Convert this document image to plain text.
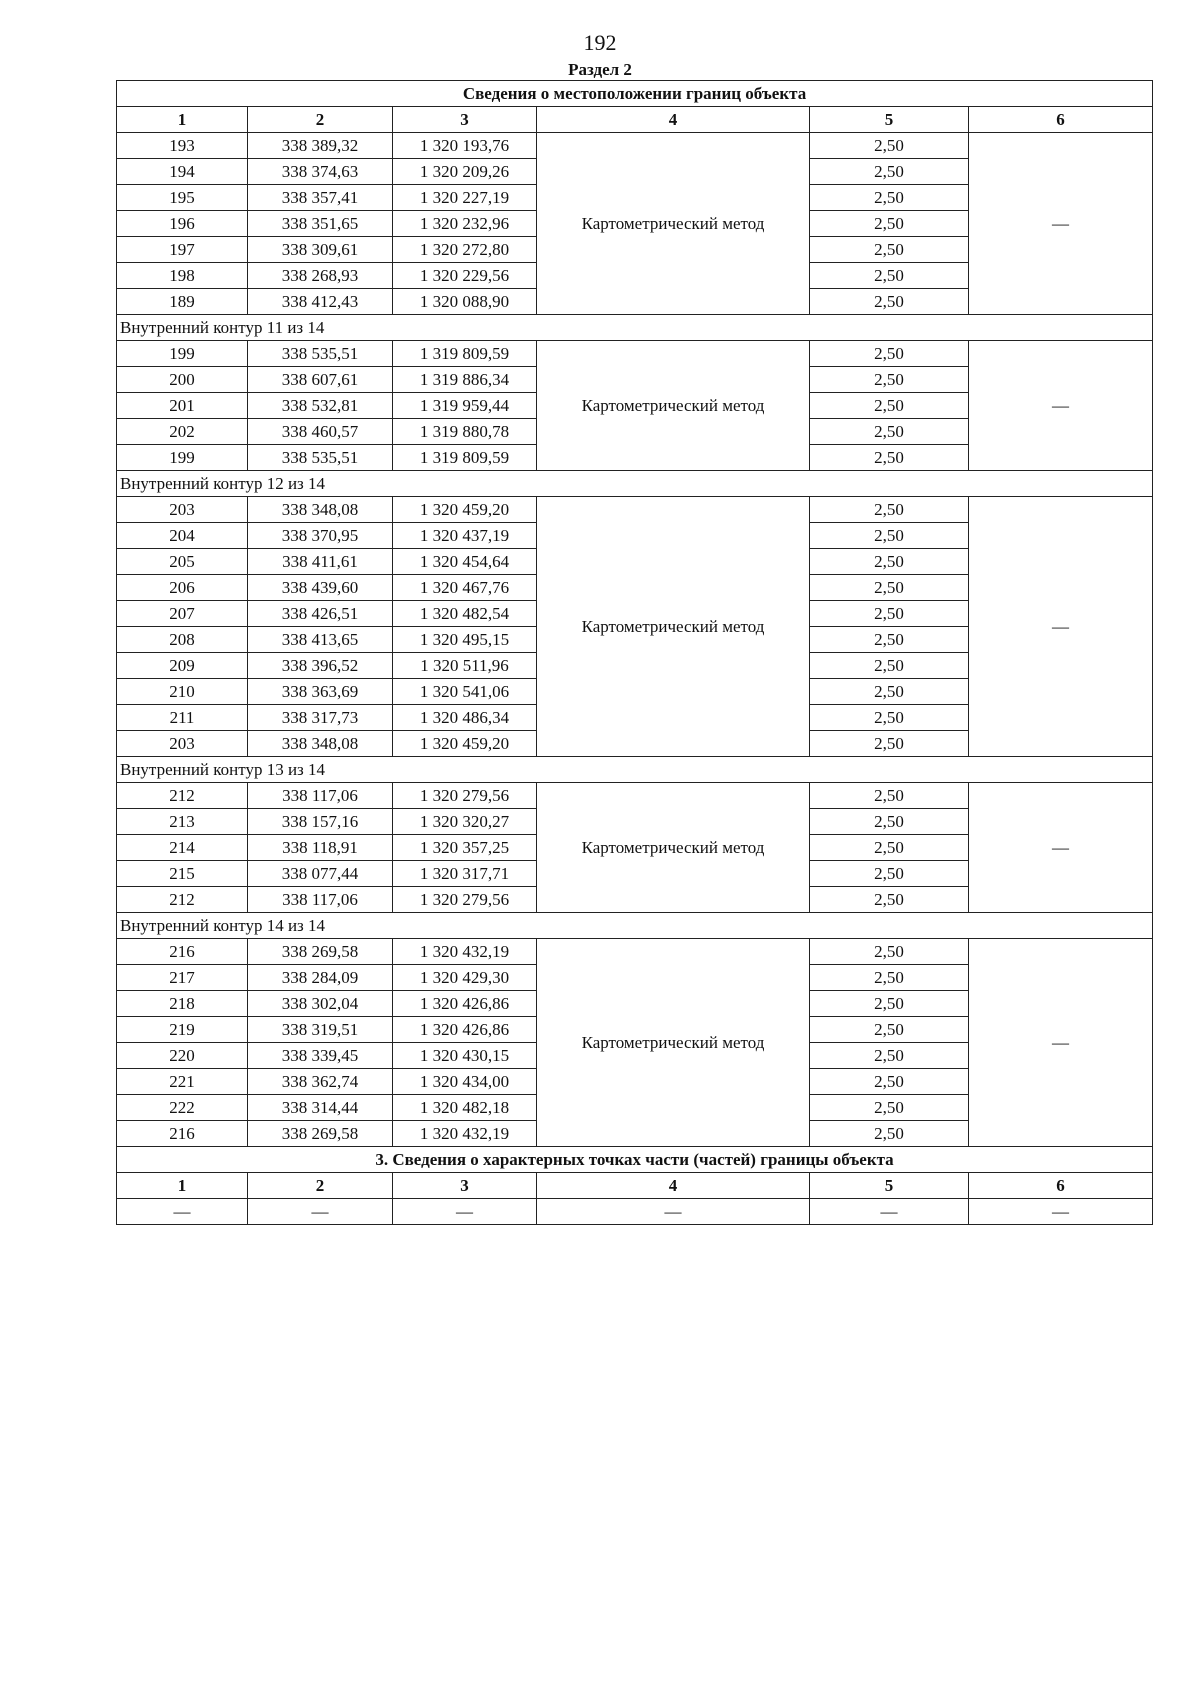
192
Раздел 2
Сведения о местоположении границ объекта					
1	2	3	4	5	6
193	338 389,32	1 320 193,76	Картометрический метод	2,50	—
194	338 374,63	1 320 209,26		2,50	
195	338 357,41	1 320 227,19		2,50	
196	338 351,65	1 320 232,96		2,50	
197	338 309,61	1 320 272,80		2,50	
198	338 268,93	1 320 229,56		2,50	
189	338 412,43	1 320 088,90		2,50	
Внутренний контур 11 из 14					
199	338 535,51	1 319 809,59	Картометрический метод	2,50	—
200	338 607,61	1 319 886,34		2,50	
201	338 532,81	1 319 959,44		2,50	
202	338 460,57	1 319 880,78		2,50	
199	338 535,51	1 319 809,59		2,50	
Внутренний контур 12 из 14					
203	338 348,08	1 320 459,20	Картометрический метод	2,50	—
204	338 370,95	1 320 437,19		2,50	
205	338 411,61	1 320 454,64		2,50	
206	338 439,60	1 320 467,76		2,50	
207	338 426,51	1 320 482,54		2,50	
208	338 413,65	1 320 495,15		2,50	
209	338 396,52	1 320 511,96		2,50	
210	338 363,69	1 320 541,06		2,50	
211	338 317,73	1 320 486,34		2,50	
203	338 348,08	1 320 459,20		2,50	
Внутренний контур 13 из 14					
212	338 117,06	1 320 279,56	Картометрический метод	2,50	—
213	338 157,16	1 320 320,27		2,50	
214	338 118,91	1 320 357,25		2,50	
215	338 077,44	1 320 317,71		2,50	
212	338 117,06	1 320 279,56		2,50	
Внутренний контур 14 из 14					
216	338 269,58	1 320 432,19	Картометрический метод	2,50	—
217	338 284,09	1 320 429,30		2,50	
218	338 302,04	1 320 426,86		2,50	
219	338 319,51	1 320 426,86		2,50	
220	338 339,45	1 320 430,15		2,50	
221	338 362,74	1 320 434,00		2,50	
222	338 314,44	1 320 482,18		2,50	
216	338 269,58	1 320 432,19		2,50	
3. Сведения о характерных точках части (частей) границы объекта					
1	2	3	4	5	6
—	—	—	—	—	—
